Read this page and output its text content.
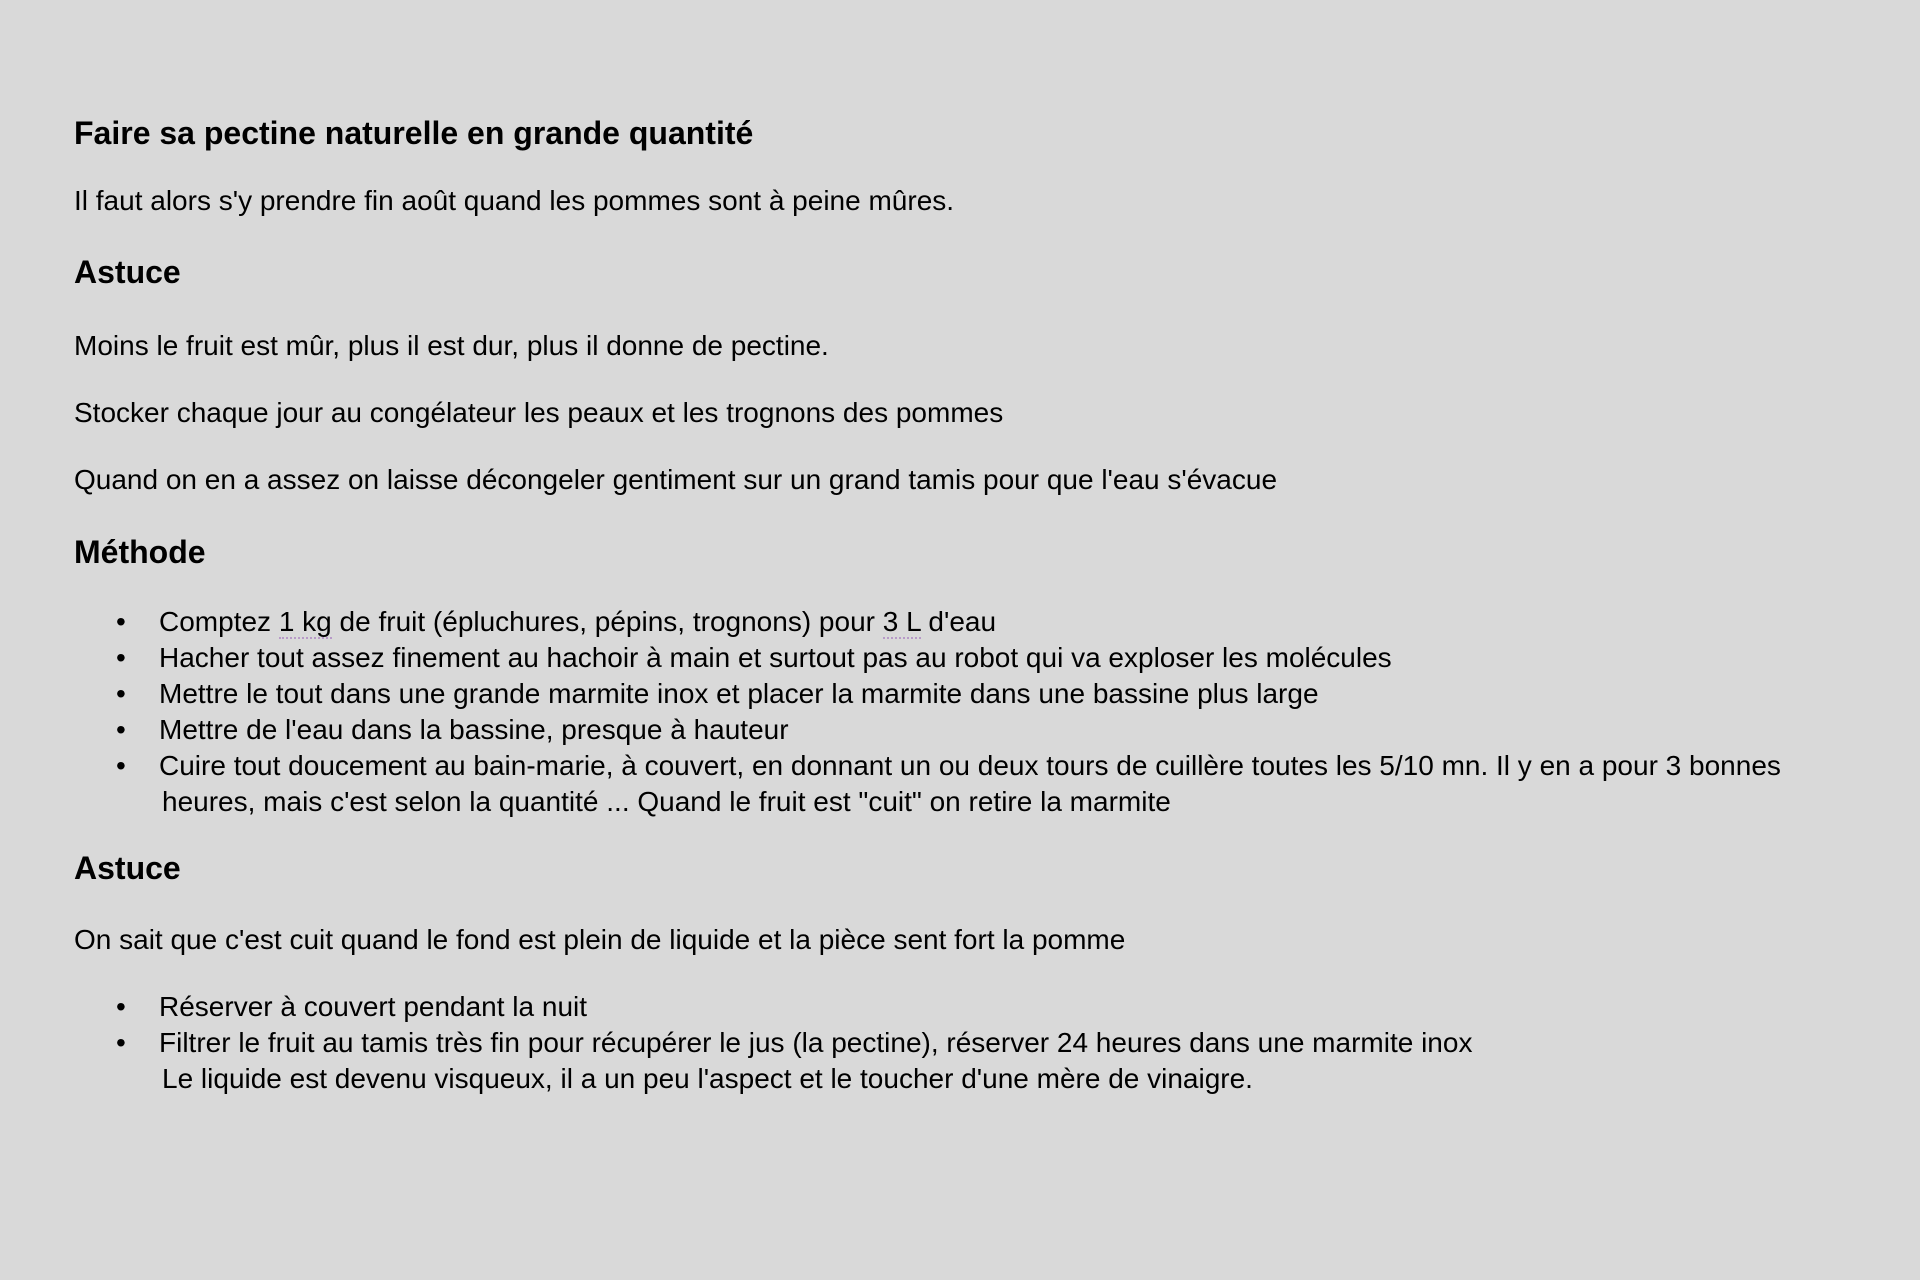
Faire sa pectine naturelle en grande quantité

Il faut alors s'y prendre fin août quand les pommes sont à peine mûres.

Astuce

Moins le fruit est mûr, plus il est dur, plus il donne de pectine.

Stocker chaque jour au congélateur les peaux et les trognons des pommes

Quand on en a assez on laisse décongeler gentiment sur un grand tamis pour que l'eau s'évacue

Méthode
• Comptez 1 kg de fruit (épluchures, pépins, trognons) pour 3 L d'eau
• Hacher tout assez finement au hachoir à main et surtout pas au robot qui va exploser les molécules
• Mettre le tout dans une grande marmite inox et placer la marmite dans une bassine plus large
• Mettre de l'eau dans la bassine, presque à hauteur
• Cuire tout doucement au bain-marie, à couvert, en donnant un ou deux tours de cuillère toutes les 5/10 mn. Il y en a pour 3 bonnes
heures, mais c'est selon la quantité ... Quand le fruit est "cuit" on retire la marmite
Astuce

On sait que c'est cuit quand le fond est plein de liquide et la pièce sent fort la pomme

• Réserver à couvert pendant la nuit
• Filtrer le fruit au tamis très fin pour récupérer le jus (la pectine), réserver 24 heures dans une marmite inox
Le liquide est devenu visqueux, il a un peu l'aspect et le toucher d'une mère de vinaigre.
